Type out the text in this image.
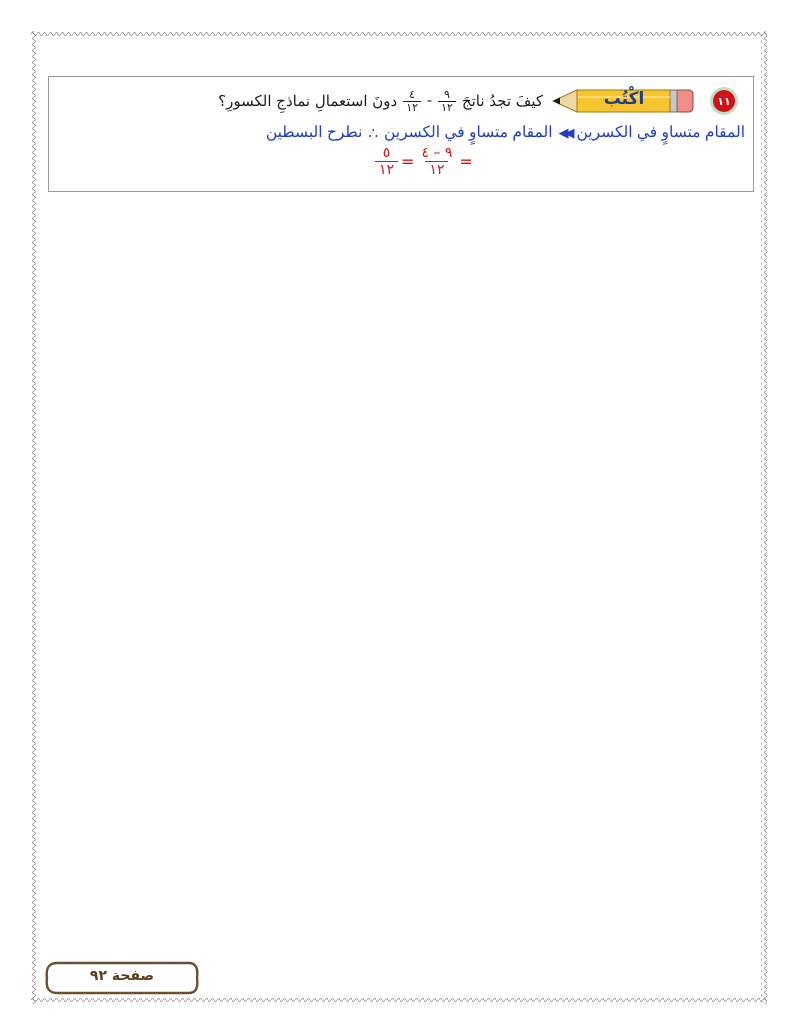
١١
اكْتُب
كيفَ تجدُ ناتجَ
$\frac{٩}{١٢}$
-
$\frac{٤}{١٢}$
دونَ استعمالِ نماذجِ الكسورِ؟
المقام متساوٍ في الكسرين
◀◀
المقام متساوٍ في الكسرين
∴
نطرح البسطين
$\frac{٥}{١٢} = \frac{٩ - ٤}{١٢}$ =
صفحة ٩٢
